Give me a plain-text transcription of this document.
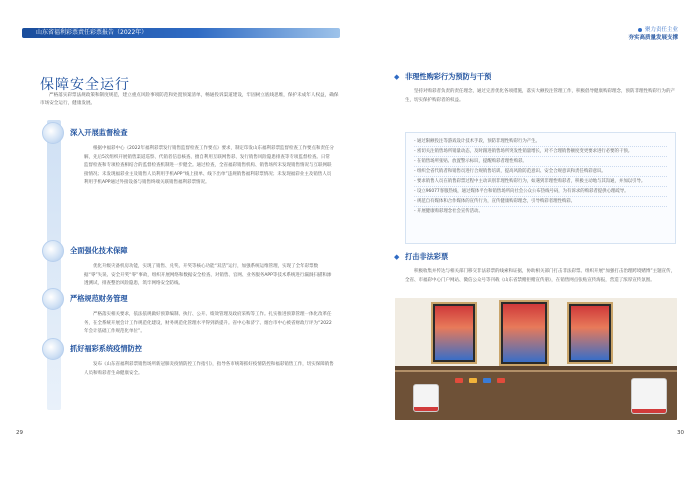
山东省福利彩票责任彩票报告（2022年）
保障安全运行
严格落实彩票法规政策和制度规范，建立重点风险事项防范和处置预案清单，畅通投诉渠道建设，牢固树立底线思维，保护未成年人权益，确保市场安全运行，健康发展。
深入开展监督检查
根据中福彩中心《2022年福利彩票发行销售监督检查工作要点》要求，制定印发山东福利彩票监督检查工作要点和责任分解，先后5次组织开展销售渠道巡察、代销者信息核查、擅自利用互联网售彩、发行销售风险隐患排查等专项监督检查。日常监督检查和专项检查相结合的监督检查机制进一步健全。通过检查，全省福彩销售机构、销售场所未发现销售情况与互联网联接情况；未发现福彩业主及销售人员利用手机APP“线上接单、线下出单”违规销售福利彩票情况；未发现福彩业主及销售人员利用手机APP通过外接设备与销售终端关联销售福利彩票情况。
全面强化技术保障
优化升级灾备机房功能，实现了销售、兑奖、开奖等核心功能“双活”运行，加强系统运维管理，实现了全年彩票数据“零”失误、安全开奖“零”事故，组织开展网络和数据安全检查、对销售、官网、业务服务APP等技术系统进行漏洞扫描和渗透测试，排查整治风险隐患，筑牢网络安全防线。
严格规范财务管理
严格落实相关要求，依法依规做好预算编制、执行、公开、绩效管理及政府采购等工作。扎实推进预算管理一体化改革任务，在全系统开展会计工作规范化建设，财务规范化管理水平得到新提升。省中心和济宁、烟台市中心被省财政厅评为“2022年会计基础工作规范化单位”。
抓好福彩系统疫情防控
发布《山东省福利彩票销售场所新冠肺炎疫情防控工作指引》，指导各市统筹抓好疫情防控和福彩销售工作，切实保障销售人员和购彩者生命健康安全。
29
聚力责任主业
夯实高质量发展支撑
◆ 非理性购彩行为预防与干预
坚持对购彩者负责的责任理念，通过完善优化各项措施，落实大额投注管理工作，积极倡导健康购彩理念，预防非理性购彩行为的产生，切实保护购彩者的权益。
- 通过限额投注等游戏设计技术手段，预防非理性购彩行为产生。
- 密切关注销售场所销量动态，及时跟进销售场所突发性销量增长，对不合理销售额度变更要求进行必要的干预。
- 在销售场所张贴、放置警示标识，提醒购彩者理性购彩。
- 组织全省代销者和销售员进行合规销售培训，提高风险防范意识、安全合规意识和责任购彩意识。
- 要求销售人员在销售彩票过程中主动识别非理性购彩行为，如遇到非理性购彩者，积极主动地与其沟通，并加以引导。
- 设立96077客服热线，通过媒体平台和销售场所向社会公众公布热线号码，为有诉求的购彩者提供心理疏导。
- 规范自有媒体和合作媒体的宣传行为，宣传健康购彩理念，引导购彩者理性购彩。
- 开展健康购彩理念社会宣传活动。
◆ 打击非法彩票
积极收集并传达与相关部门移交非法彩票的线索和证据，协助相关部门打击非法彩票。组织开展“加强打击治理跨境赌博”主题宣传，全省、市福彩中心门户网站、微信公众号等刊载《山东省禁赌拒赌宣传册》，在销售网点张贴宣传海报，营造了浓厚宣传氛围。
30
